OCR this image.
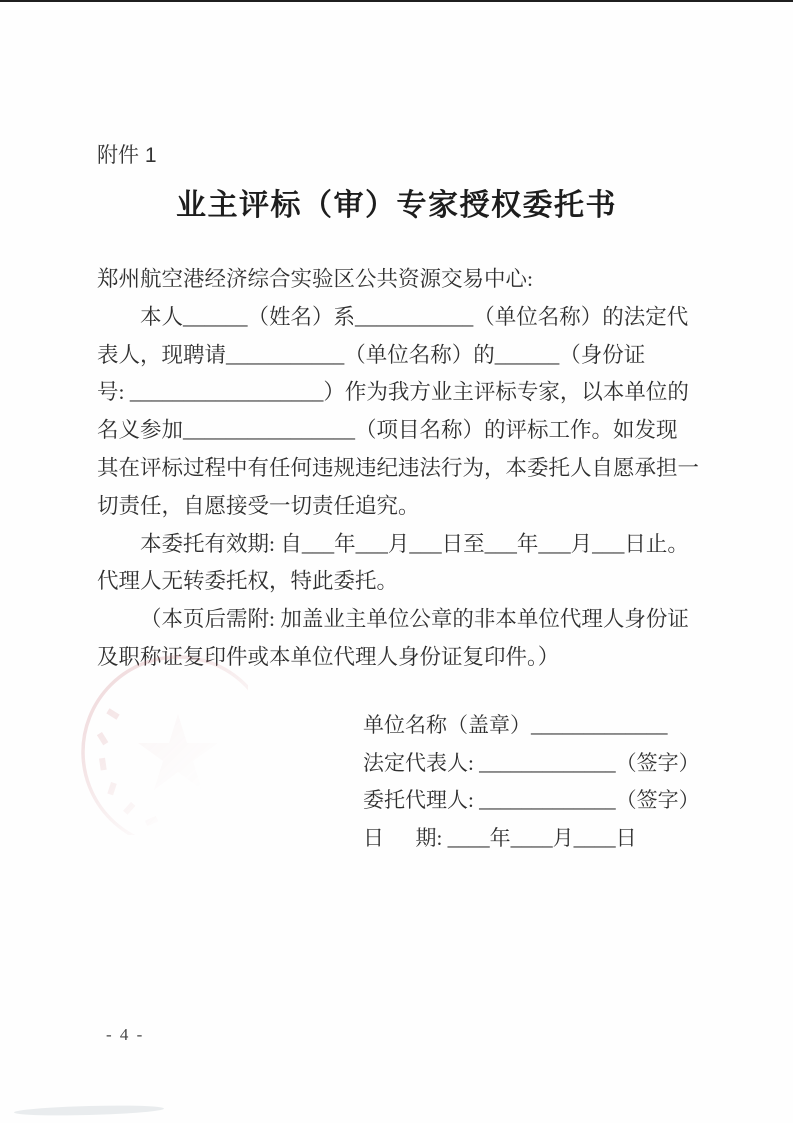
附件 1
业主评标（审）专家授权委托书

郑州航空港经济综合实验区公共资源交易中心:

本人______（姓名）系___________（单位名称）的法定代

表人，现聘请___________（单位名称）的______（身份证

号: __________________）作为我方业主评标专家，以本单位的

名义参加________________（项目名称）的评标工作。如发现

其在评标过程中有任何违规违纪违法行为，本委托人自愿承担一

切责任，自愿接受一切责任追究。

本委托有效期: 自___年___月___日至___年___月___日止。

代理人无转委托权，特此委托。

（本页后需附: 加盖业主单位公章的非本单位代理人身份证

及职称证复印件或本单位代理人身份证复印件。）

单位名称（盖章）_____________

法定代表人: _____________（签字）

委托代理人: _____________（签字）

日      期: ____年____月____日

- 4 -
